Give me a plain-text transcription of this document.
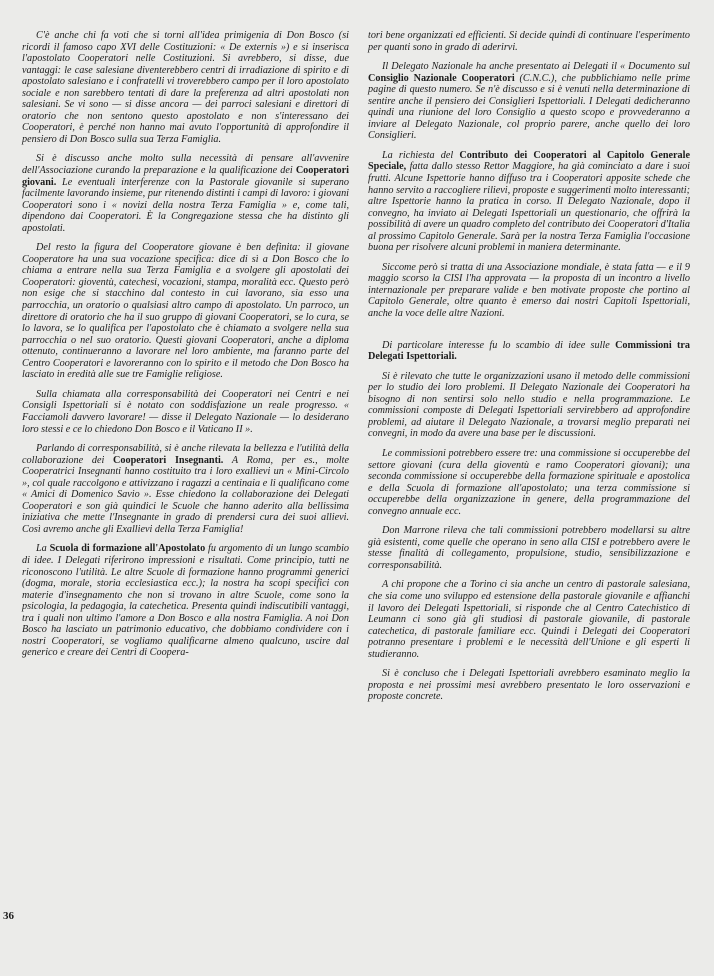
C'è anche chi fa voti che si torni all'idea primigenia di Don Bosco (si ricordi il famoso capo XVI delle Costituzioni: « De externis ») e si inserisca l'apostolato Cooperatori nelle Costituzioni. Si avrebbero, si disse, due vantaggi: le case salesiane diventerebbero centri di irradiazione di spirito e di apostolato salesiano e i confratelli vi troverebbero campo per il loro apostolato sociale e non sarebbero tentati di dare la preferenza ad altri apostolati non salesiani. Se vi sono — si disse ancora — dei parroci salesiani e direttori di oratorio che non sentono questo apostolato e non s'interessano dei Cooperatori, è perché non hanno mai avuto l'opportunità di approfondire il pensiero di Don Bosco sulla sua Terza Famiglia.

Si è discusso anche molto sulla necessità di pensare all'avvenire dell'Associazione curando la preparazione e la qualificazione dei Cooperatori giovani. Le eventuali interferenze con la Pastorale giovanile si superano facilmente lavorando insieme, pur ritenendo distinti i campi di lavoro: i giovani Cooperatori sono i « novizi della nostra Terza Famiglia » e, come tali, dipendono dai Cooperatori. È la Congregazione stessa che ha distinto gli apostolati.

Del resto la figura del Cooperatore giovane è ben definita: il giovane Cooperatore ha una sua vocazione specifica: dice di sì a Don Bosco che lo chiama a entrare nella sua Terza Famiglia e a svolgere gli apostolati dei Cooperatori: gioventù, catechesi, vocazioni, stampa, moralità ecc. Questo però non esige che si stacchino dal contesto in cui lavorano, sia esso una parrocchia, un oratorio o qualsiasi altro campo di apostolato. Un parroco, un direttore di oratorio che ha il suo gruppo di giovani Cooperatori, se lo cura, se lo lavora, se lo qualifica per l'apostolato che è chiamato a svolgere nella sua parrocchia o nel suo oratorio. Questi giovani Cooperatori, anche a diploma ottenuto, continueranno a lavorare nel loro ambiente, ma faranno parte del Centro Cooperatori e lavoreranno con lo spirito e il metodo che Don Bosco ha lasciato in eredità alle sue tre Famiglie religiose.

Sulla chiamata alla corresponsabilità dei Cooperatori nei Centri e nei Consigli Ispettoriali si è notato con soddisfazione un reale progresso. « Facciamoli davvero lavorare! — disse il Delegato Nazionale — lo desiderano loro stessi e ce lo chiedono Don Bosco e il Vaticano II ».

Parlando di corresponsabilità, si è anche rilevata la bellezza e l'utilità della collaborazione dei Cooperatori Insegnanti. A Roma, per es., molte Cooperatrici Insegnanti hanno costituito tra i loro exallievi un « Mini-Circolo », col quale raccolgono e attivizzano i ragazzi a centinaia e li qualificano come « Amici di Domenico Savio ». Esse chiedono la collaborazione dei Delegati Cooperatori e son già quindici le Scuole che hanno aderito alla bellissima iniziativa che mette l'Insegnante in grado di prendersi cura dei suoi allievi. Così avremo anche gli Exallievi della Terza Famiglia!

La Scuola di formazione all'Apostolato fu argomento di un lungo scambio di idee. I Delegati riferirono impressioni e risultati. Come principio, tutti ne riconoscono l'utilità. Le altre Scuole di formazione hanno programmi generici (dogma, morale, storia ecclesiastica ecc.); la nostra ha scopi specifici con materie d'insegnamento che non si trovano in altre Scuole, come sono la psicologia, la pedagogia, la catechetica. Presenta quindi indiscutibili vantaggi, tra i quali non ultimo l'amore a Don Bosco e alla nostra Famiglia. A noi Don Bosco ha lasciato un patrimonio educativo, che dobbiamo condividere con i nostri Cooperatori, se vogliamo qualificarne almeno qualcuno, uscire dal generico e creare dei Centri di Coopera-

tori bene organizzati ed efficienti. Si decide quindi di continuare l'esperimento per quanti sono in grado di aderirvi.

Il Delegato Nazionale ha anche presentato ai Delegati il « Documento sul Consiglio Nazionale Cooperatori (C.N.C.), che pubblichiamo nelle prime pagine di questo numero. Se n'è discusso e si è venuti nella determinazione di sentire anche il pensiero dei Consiglieri Ispettoriali. I Delegati dedicheranno quindi una riunione del loro Consiglio a questo scopo e provvederanno a inviare al Delegato Nazionale, col proprio parere, anche quello dei loro Consiglieri.

La richiesta del Contributo dei Cooperatori al Capitolo Generale Speciale, fatta dallo stesso Rettor Maggiore, ha già cominciato a dare i suoi frutti. Alcune Ispettorie hanno diffuso tra i Cooperatori apposite schede che hanno servito a raccogliere rilievi, proposte e suggerimenti molto interessanti; altre Ispettorie hanno la pratica in corso. Il Delegato Nazionale, dopo il convegno, ha inviato ai Delegati Ispettoriali un questionario, che offrirà la possibilità di avere un quadro completo del contributo dei Cooperatori d'Italia al prossimo Capitolo Generale. Sarà per la nostra Terza Famiglia l'occasione buona per risolvere alcuni problemi in maniera determinante.

Siccome però si tratta di una Associazione mondiale, è stata fatta — e il 9 maggio scorso la CISI l'ha approvata — la proposta di un incontro a livello internazionale per preparare valide e ben motivate proposte che portino al Capitolo Generale, oltre quanto è emerso dai nostri Capitoli Ispettoriali, anche la voce delle altre Nazioni.

Di particolare interesse fu lo scambio di idee sulle Commissioni tra Delegati Ispettoriali.

Si è rilevato che tutte le organizzazioni usano il metodo delle commissioni per lo studio dei loro problemi. Il Delegato Nazionale dei Cooperatori ha bisogno di non sentirsi solo nello studio e nella programmazione. Le commissioni composte di Delegati Ispettoriali servirebbero ad approfondire problemi, ad aiutare il Delegato Nazionale, a trovarsi meglio preparati nei convegni, in modo da avere una base per le discussioni.

Le commissioni potrebbero essere tre: una commissione si occuperebbe del settore giovani (cura della gioventù e ramo Cooperatori giovani); una seconda commissione si occuperebbe della formazione spirituale e apostolica e della Scuola di formazione all'apostolato; una terza commissione si occuperebbe della organizzazione in genere, della programmazione del convegno annuale ecc.

Don Marrone rileva che tali commissioni potrebbero modellarsi su altre già esistenti, come quelle che operano in seno alla CISI e potrebbero avere le stesse finalità di collegamento, propulsione, studio, sensibilizzazione e corresponsabilità.

A chi propone che a Torino ci sia anche un centro di pastorale salesiana, che sia come uno sviluppo ed estensione della pastorale giovanile e affianchi il lavoro dei Delegati Ispettoriali, si risponde che al Centro Catechistico di Leumann ci sono già gli studiosi di pastorale giovanile, di pastorale catechetica, di pastorale familiare ecc. Quindi i Delegati dei Cooperatori potranno presentare i problemi e le necessità dell'Unione e gli esperti li studieranno.

Si è concluso che i Delegati Ispettoriali avrebbero esaminato meglio la proposta e nei prossimi mesi avrebbero presentato le loro osservazioni e proposte concrete.

36
